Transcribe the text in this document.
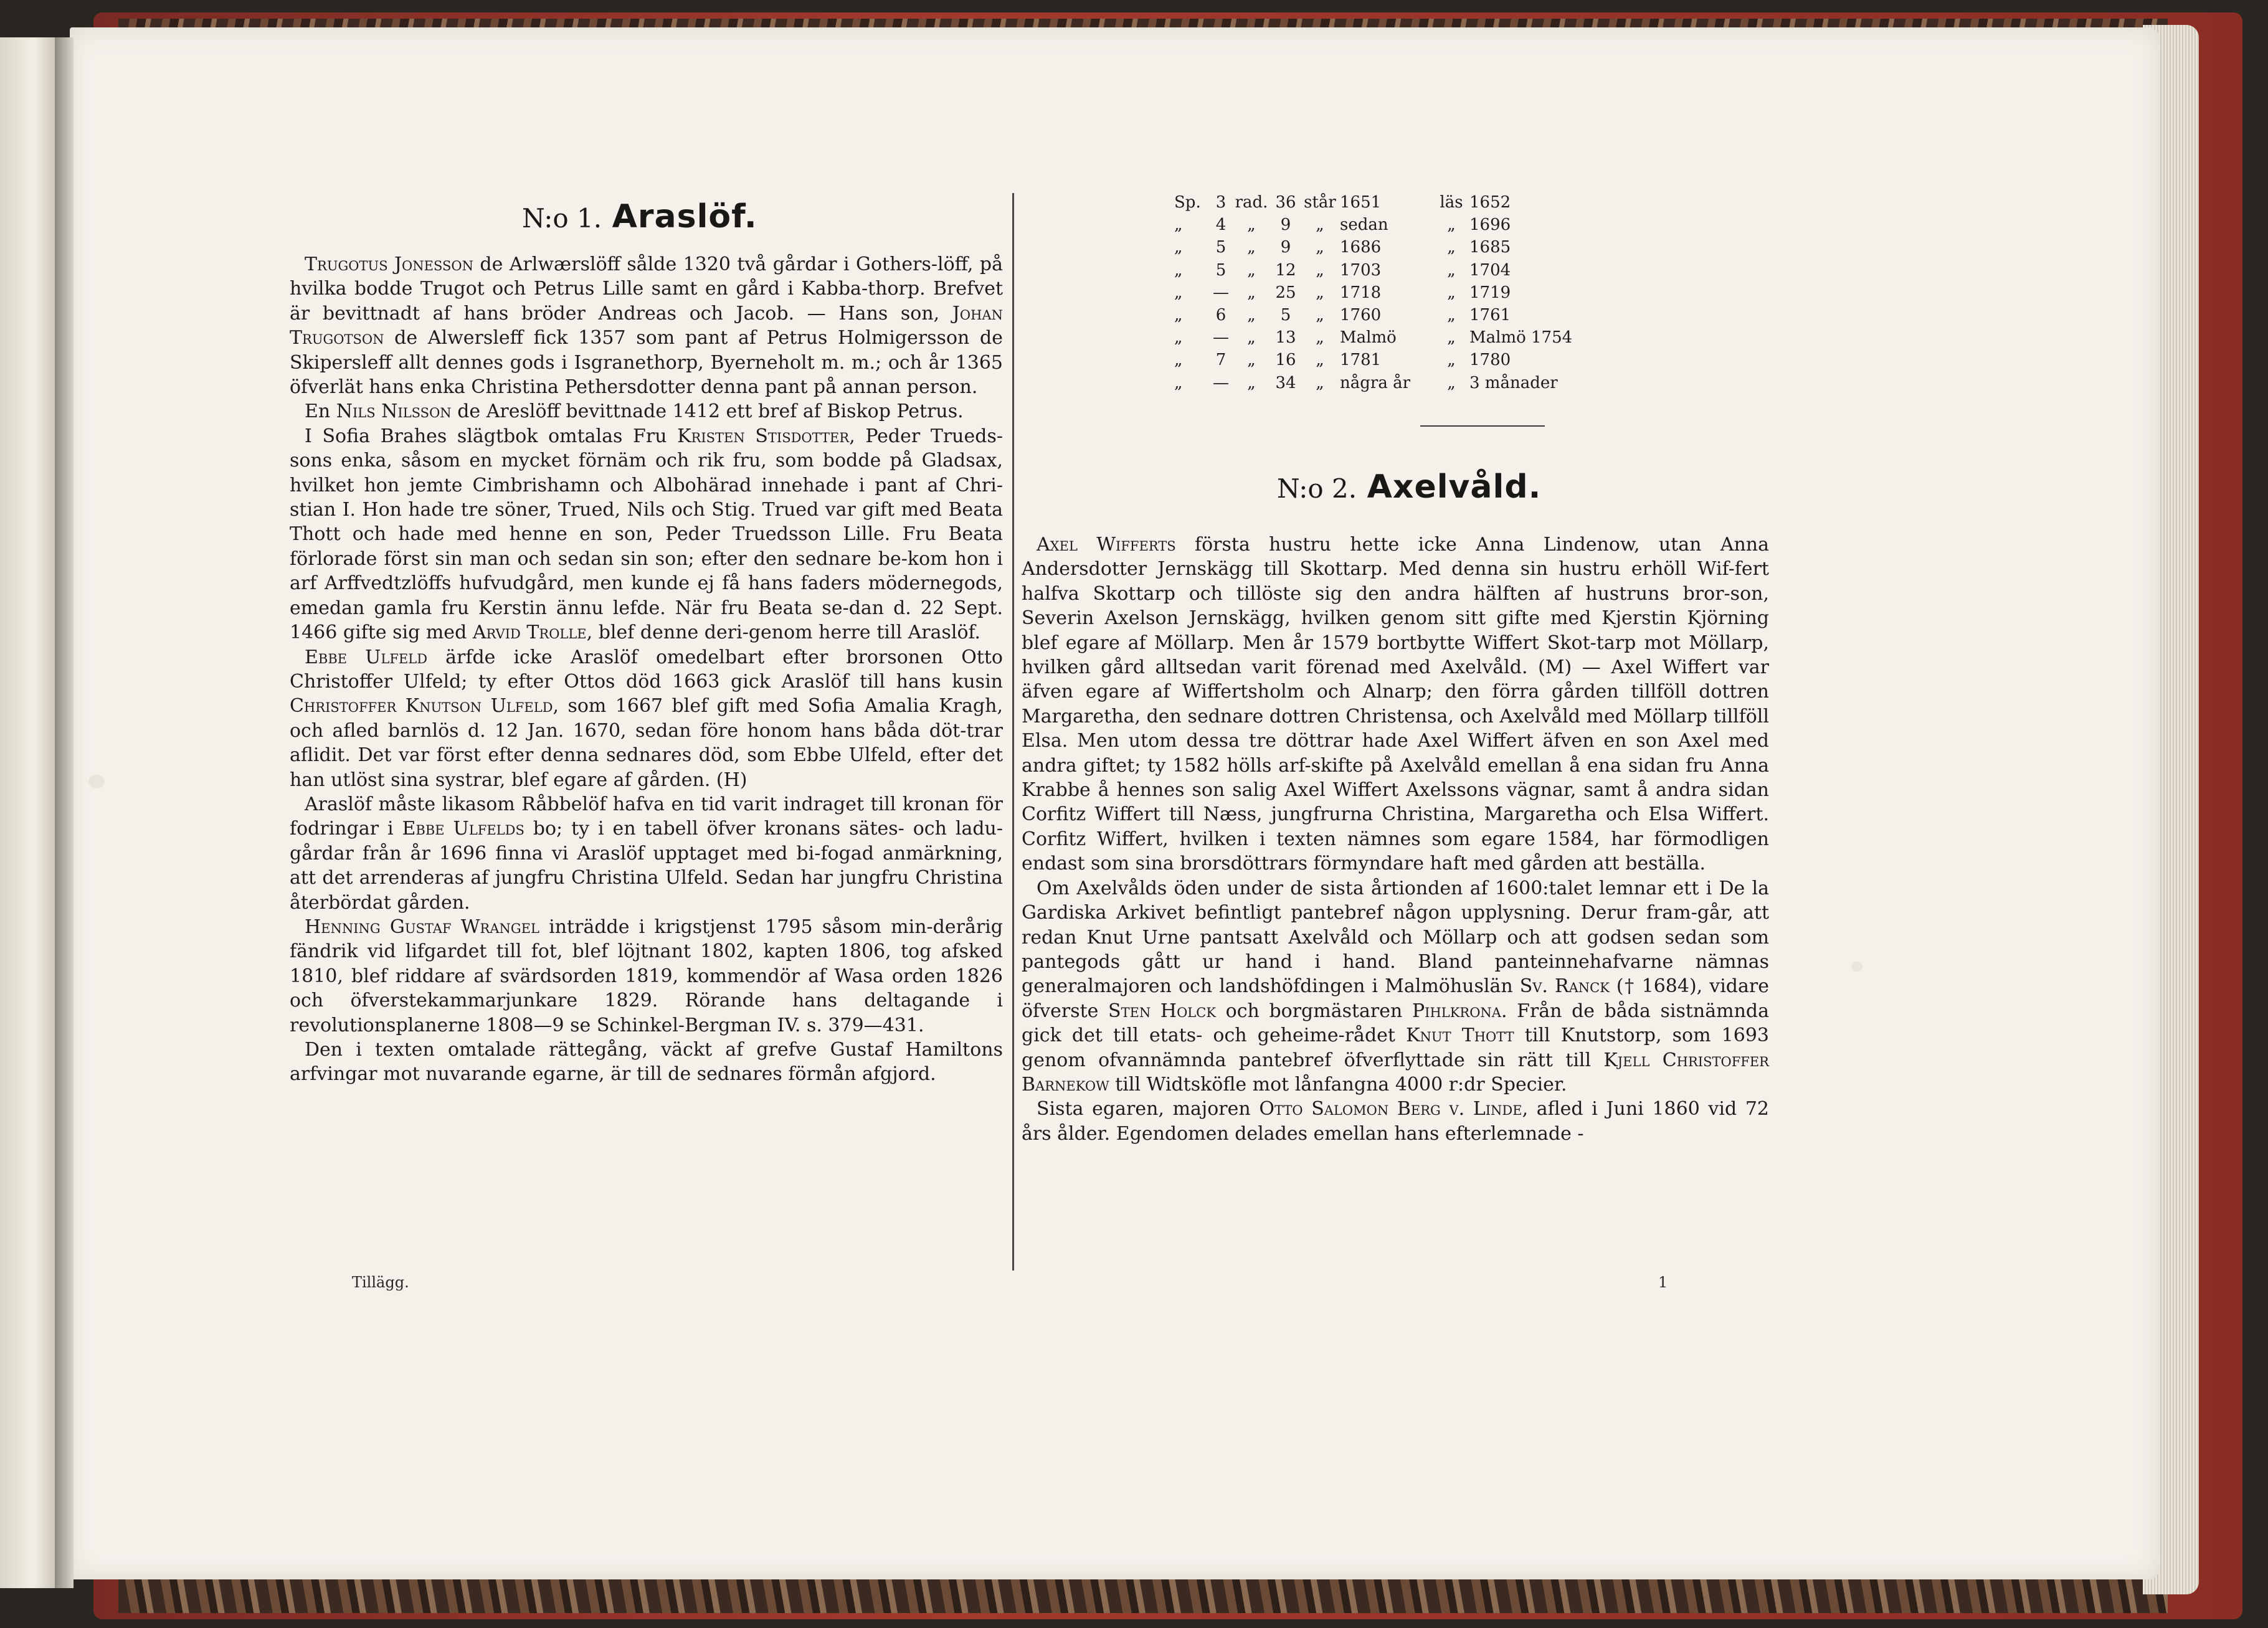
N:o 1. Araslöf.
N:o 2. Axelvåld.

Trugotus Jonesson de Arlwærslöff sålde 1320 två gårdar i Gothers-löff, på hvilka bodde Trugot och Petrus Lille samt en gård i Kabba-thorp. Brefvet är bevittnadt af hans bröder Andreas och Jacob. — Hans son, Johan Trugotson de Alwersleff fick 1357 som pant af Petrus Holmigersson de Skipersleff allt dennes gods i Isgranethorp, Byerneholt m. m.; och år 1365 öfverlät hans enka Christina Pethersdotter denna pant på annan person.

En Nils Nilsson de Areslöff bevittnade 1412 ett bref af Biskop Petrus.

I Sofia Brahes slägtbok omtalas Fru Kristen Stisdotter, Peder Trueds-sons enka, såsom en mycket förnäm och rik fru, som bodde på Gladsax, hvilket hon jemte Cimbrishamn och Albohärad innehade i pant af Chri-stian I. Hon hade tre söner, Trued, Nils och Stig. Trued var gift med Beata Thott och hade med henne en son, Peder Truedsson Lille. Fru Beata förlorade först sin man och sedan sin son; efter den sednare be-kom hon i arf Arffvedtzlöffs hufvudgård, men kunde ej få hans faders mödernegods, emedan gamla fru Kerstin ännu lefde. När fru Beata se-dan d. 22 Sept. 1466 gifte sig med Arvid Trolle, blef denne deri-genom herre till Araslöf.

Ebbe Ulfeld ärfde icke Araslöf omedelbart efter brorsonen Otto Christoffer Ulfeld; ty efter Ottos död 1663 gick Araslöf till hans kusin Christoffer Knutson Ulfeld, som 1667 blef gift med Sofia Amalia Kragh, och afled barnlös d. 12 Jan. 1670, sedan före honom hans båda döt-trar aflidit. Det var först efter denna sednares död, som Ebbe Ulfeld, efter det han utlöst sina systrar, blef egare af gården. (H)

Araslöf måste likasom Råbbelöf hafva en tid varit indraget till kronan för fodringar i Ebbe Ulfelds bo; ty i en tabell öfver kronans sätes- och ladu-gårdar från år 1696 finna vi Araslöf upptaget med bi-fogad anmärkning, att det arrenderas af jungfru Christina Ulfeld. Sedan har jungfru Christina återbördat gården.

Henning Gustaf Wrangel inträdde i krigstjenst 1795 såsom min-derårig fändrik vid lifgardet till fot, blef löjtnant 1802, kapten 1806, tog afsked 1810, blef riddare af svärdsorden 1819, kommendör af Wasa orden 1826 och öfverstekammarjunkare 1829. Rörande hans deltagande i revolutionsplanerne 1808—9 se Schinkel-Bergman IV. s. 379—431.

Den i texten omtalade rättegång, väckt af grefve Gustaf Hamiltons arfvingar mot nuvarande egarne, är till de sednares förmån afgjord.

Axel Wifferts första hustru hette icke Anna Lindenow, utan Anna Andersdotter Jernskägg till Skottarp. Med denna sin hustru erhöll Wif-fert halfva Skottarp och tillöste sig den andra hälften af hustruns bror-son, Severin Axelson Jernskägg, hvilken genom sitt gifte med Kjerstin Kjörning blef egare af Möllarp. Men år 1579 bortbytte Wiffert Skot-tarp mot Möllarp, hvilken gård alltsedan varit förenad med Axelvåld. (M) — Axel Wiffert var äfven egare af Wiffertsholm och Alnarp; den förra gården tillföll dottren Margaretha, den sednare dottren Christensa, och Axelvåld med Möllarp tillföll Elsa. Men utom dessa tre döttrar hade Axel Wiffert äfven en son Axel med andra giftet; ty 1582 hölls arf-skifte på Axelvåld emellan å ena sidan fru Anna Krabbe å hennes son salig Axel Wiffert Axelssons vägnar, samt å andra sidan Corfitz Wiffert till Næss, jungfrurna Christina, Margaretha och Elsa Wiffert. Corfitz Wiffert, hvilken i texten nämnes som egare 1584, har förmodligen endast som sina brorsdöttrars förmyndare haft med gården att beställa.

Om Axelvålds öden under de sista årtionden af 1600:talet lemnar ett i De la Gardiska Arkivet befintligt pantebref någon upplysning. Derur fram-går, att redan Knut Urne pantsatt Axelvåld och Möllarp och att godsen sedan som pantegods gått ur hand i hand. Bland panteinnehafvarne nämnas generalmajoren och landshöfdingen i Malmöhuslän Sv. Ranck († 1684), vidare öfverste Sten Holck och borgmästaren Pihlkrona. Från de båda sistnämnda gick det till etats- och geheime-rådet Knut Thott till Knutstorp, som 1693 genom ofvannämnda pantebref öfverflyttade sin rätt till Kjell Christoffer Barnekow till Widtsköfle mot lånfangna 4000 r:dr Specier.

Sista egaren, majoren Otto Salomon Berg v. Linde, afled i Juni 1860 vid 72 års ålder. Egendomen delades emellan hans efterlemnade -

Sp. 3 rad. 36 står 1651	läs 1652
„	4	„	9	„ sedan	„ 1696
„	5	„	9	„ 1686	„ 1685
„	5	„	12	„ 1703	„ 1704
„	—	„	25	„ 1718	„ 1719
„	6	„	5	„ 1760	„ 1761
„	—	„	13	„ Malmö	„ Malmö 1754
„	7	„	16	„ 1781	„ 1780
„	—	„	34	„ några år	„ 3 månader
Tillägg.	1
